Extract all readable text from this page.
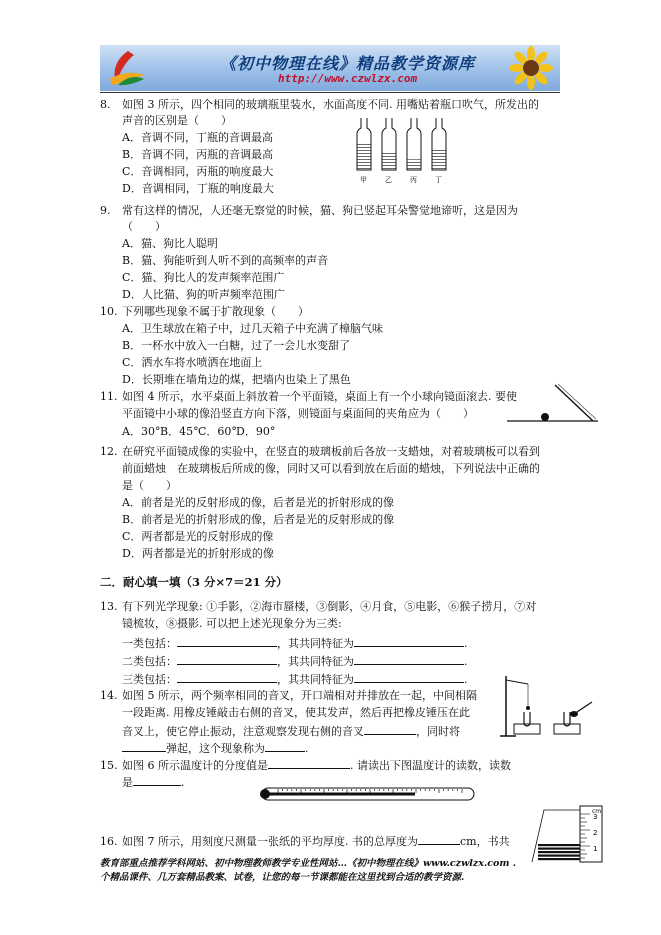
《初中物理在线》精品教学资源库
http://www.czwlzx.com
8. 如图 3 所示，四个相同的玻璃瓶里装水，水面高度不同. 用嘴贴着瓶口吹气，所发出的
声音的区别是（　　）
A．音调不同，丁瓶的音调最高
B．音调不同，丙瓶的音调最高
C．音调相同，丙瓶的响度最大
D．音调相同，丁瓶的响度最大
甲	乙	丙	丁
9. 常有这样的情况，人还毫无察觉的时候，猫、狗已竖起耳朵警觉地谛听，这是因为
（　　）
A．猫、狗比人聪明
B．猫、狗能听到人听不到的高频率的声音
C．猫、狗比人的发声频率范围广
D．人比猫、狗的听声频率范围广
10. 下列哪些现象不属于扩散现象（　　）
A．卫生球放在箱子中，过几天箱子中充满了樟脑气味
B．一杯水中放入一白糖，过了一会儿水变甜了
C．洒水车将水喷洒在地面上
D．长期堆在墙角边的煤，把墙内也染上了黑色
11. 如图 4 所示，水平桌面上斜放着一个平面镜，桌面上有一个小球向镜面滚去. 要使
平面镜中小球的像沿竖直方向下落，则镜面与桌面间的夹角应为（　　）
A．30°B．45°C．60°D．90°
12. 在研究平面镜成像的实验中，在竖直的玻璃板前后各放一支蜡烛，对着玻璃板可以看到
前面蜡烛　在玻璃板后所成的像，同时又可以看到放在后面的蜡烛，下列说法中正确的
是（　　）
A．前者是光的反射形成的像，后者是光的折射形成的像
B．前者是光的折射形成的像，后者是光的反射形成的像
C．两者都是光的反射形成的像
D．两者都是光的折射形成的像
二．耐心填一填（3 分×7＝21 分）
13. 有下列光学现象: ①手影，②海市蜃楼，③倒影，④月食，⑤电影，⑥猴子捞月，⑦对
镜梳妆，⑧摄影. 可以把上述光现象分为三类:
一类包括：	，其共同特征为	.
二类包括：	，其共同特征为	.
三类包括：	，其共同特征为	.
14. 如图 5 所示，两个频率相同的音叉，开口端相对并排放在一起，中间相隔
一段距离. 用橡皮锤敲击右侧的音叉，使其发声，然后再把橡皮锤压在此
音叉上，使它停止振动，注意观察发现右侧的音叉	，同时将
弹起，这个现象称为	.
15. 如图 6 所示温度计的分度值是	. 请读出下图温度计的读数，读数
是	.
16. 如图 7 所示，用刻度尺测量一张纸的平均厚度. 书的总厚度为	cm，书共
cm
3
2
1
教育部重点推荐学科网站、初中物理教师教学专业性网站…《初中物理在线》www.czwlzx.com .
个精品课件、几万套精品教案、试卷，让您的每一节课都能在这里找到合适的教学资源.
